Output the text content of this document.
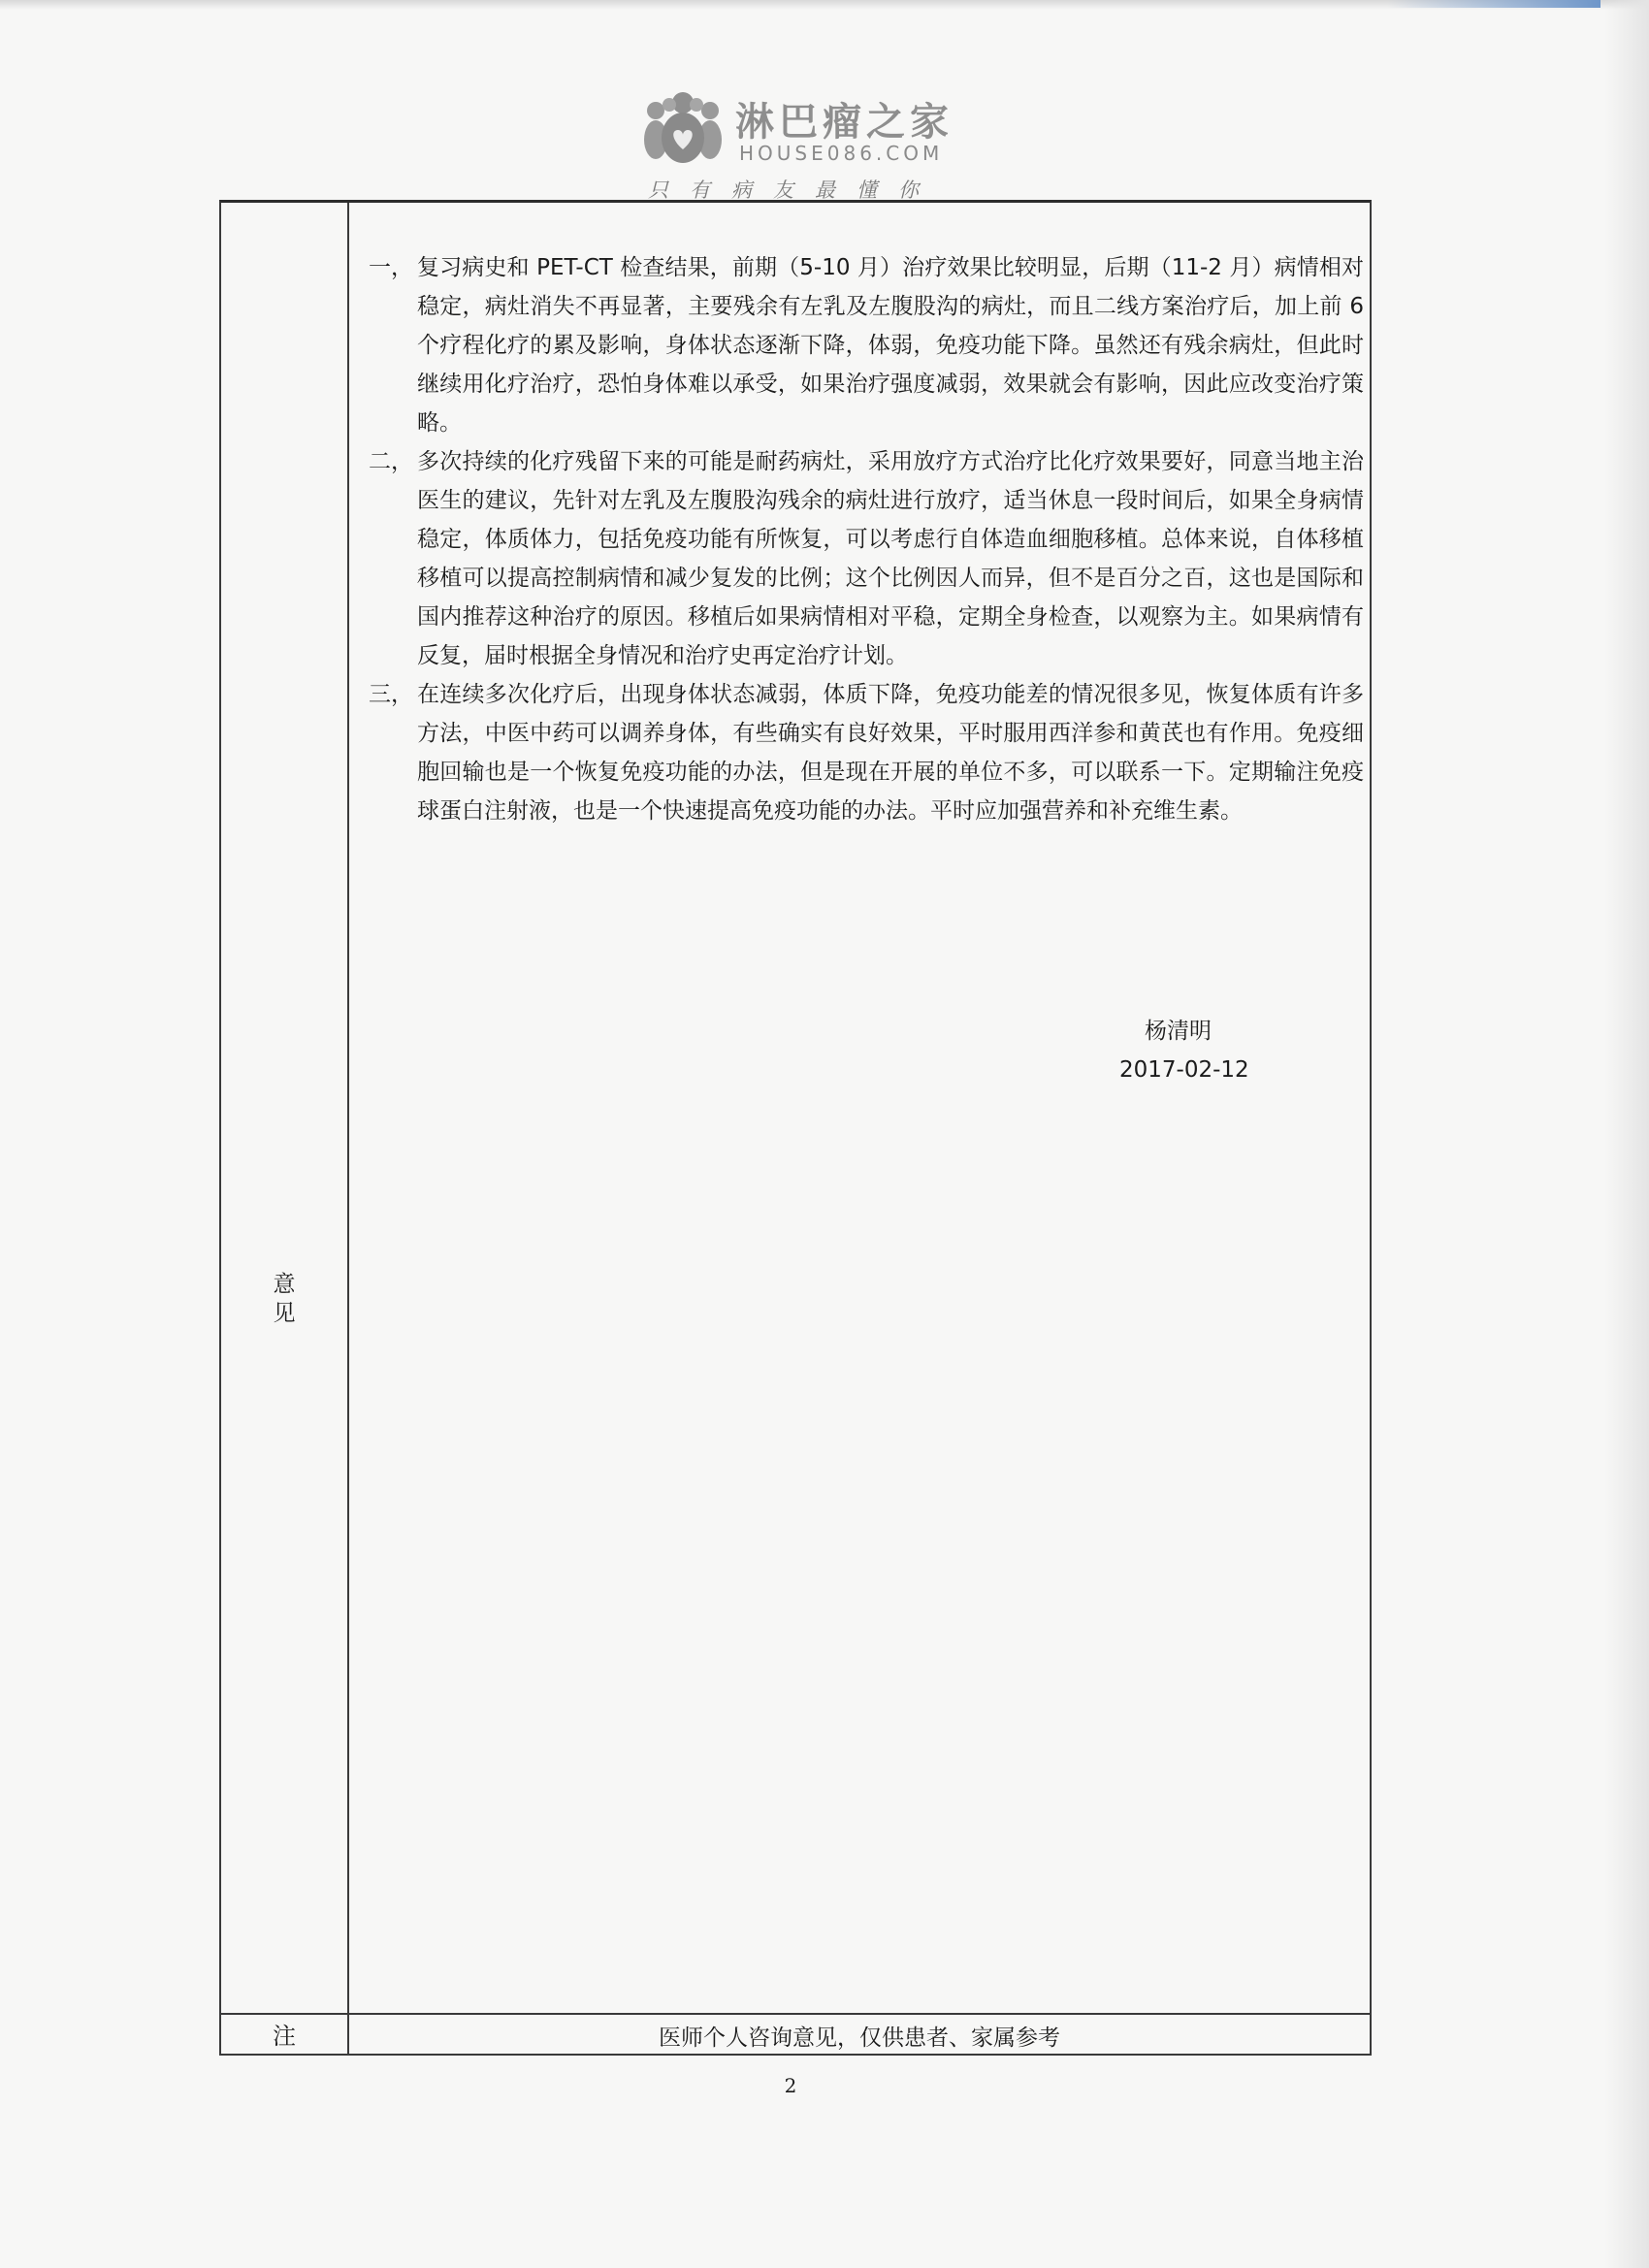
淋巴瘤之家
HOUSE086.COM
只有病友最懂你
意
见
注	医师个人咨询意见，仅供患者、家属参考
一， 复习病史和 PET-CT 检查结果，前期（5-10 月）治疗效果比较明显，后期（11-2 月）病情相对稳定，病灶消失不再显著，主要残余有左乳及左腹股沟的病灶，而且二线方案治疗后，加上前 6 个疗程化疗的累及影响，身体状态逐渐下降，体弱，免疫功能下降。虽然还有残余病灶，但此时继续用化疗治疗，恐怕身体难以承受，如果治疗强度减弱，效果就会有影响，因此应改变治疗策略。
二， 多次持续的化疗残留下来的可能是耐药病灶，采用放疗方式治疗比化疗效果要好，同意当地主治医生的建议，先针对左乳及左腹股沟残余的病灶进行放疗，适当休息一段时间后，如果全身病情稳定，体质体力，包括免疫功能有所恢复，可以考虑行自体造血细胞移植。总体来说，自体移植移植可以提高控制病情和减少复发的比例；这个比例因人而异，但不是百分之百，这也是国际和国内推荐这种治疗的原因。移植后如果病情相对平稳，定期全身检查，以观察为主。如果病情有反复，届时根据全身情况和治疗史再定治疗计划。
三， 在连续多次化疗后，出现身体状态减弱，体质下降，免疫功能差的情况很多见，恢复体质有许多方法，中医中药可以调养身体，有些确实有良好效果，平时服用西洋参和黄芪也有作用。免疫细胞回输也是一个恢复免疫功能的办法，但是现在开展的单位不多，可以联系一下。定期输注免疫球蛋白注射液，也是一个快速提高免疫功能的办法。平时应加强营养和补充维生素。
杨清明
2017-02-12
2
